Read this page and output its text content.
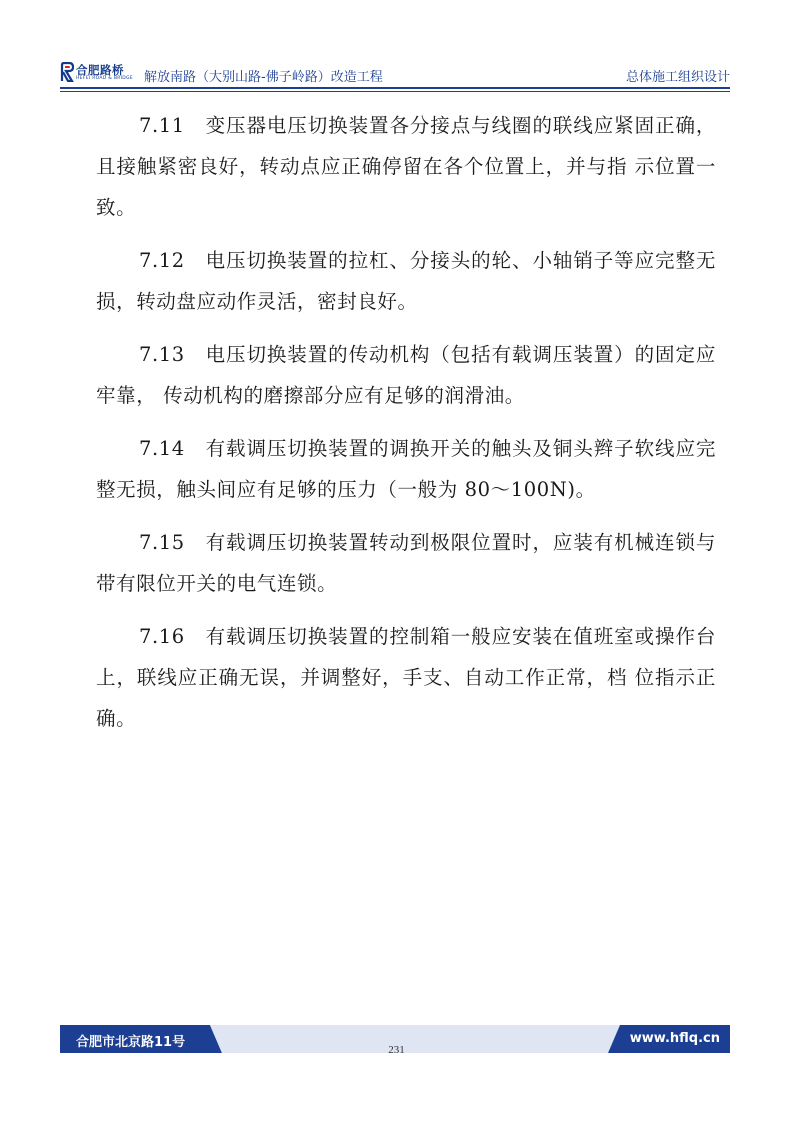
合肥路桥
HEFEI ROAD & BRIDGE 解放南路（大别山路-佛子岭路）改造工程	总体施工组织设计

7.11　变压器电压切换装置各分接点与线圈的联线应紧固正确，且接触紧密良好，转动点应正确停留在各个位置上，并与指 示位置一致。

7.12　电压切换装置的拉杠、分接头的轮、小轴销子等应完整无损，转动盘应动作灵活，密封良好。

7.13　电压切换装置的传动机构（包括有载调压装置）的固定应牢靠， 传动机构的磨擦部分应有足够的润滑油。

7.14　有载调压切换装置的调换开关的触头及铜头辫子软线应完整无损，触头间应有足够的压力（一般为 80～100N)。

7.15　有载调压切换装置转动到极限位置时，应装有机械连锁与带有限位开关的电气连锁。

7.16　有载调压切换装置的控制箱一般应安装在值班室或操作台上，联线应正确无误，并调整好，手支、自动工作正常，档 位指示正确。

合肥市北京路11号	www.hflq.cn
231
